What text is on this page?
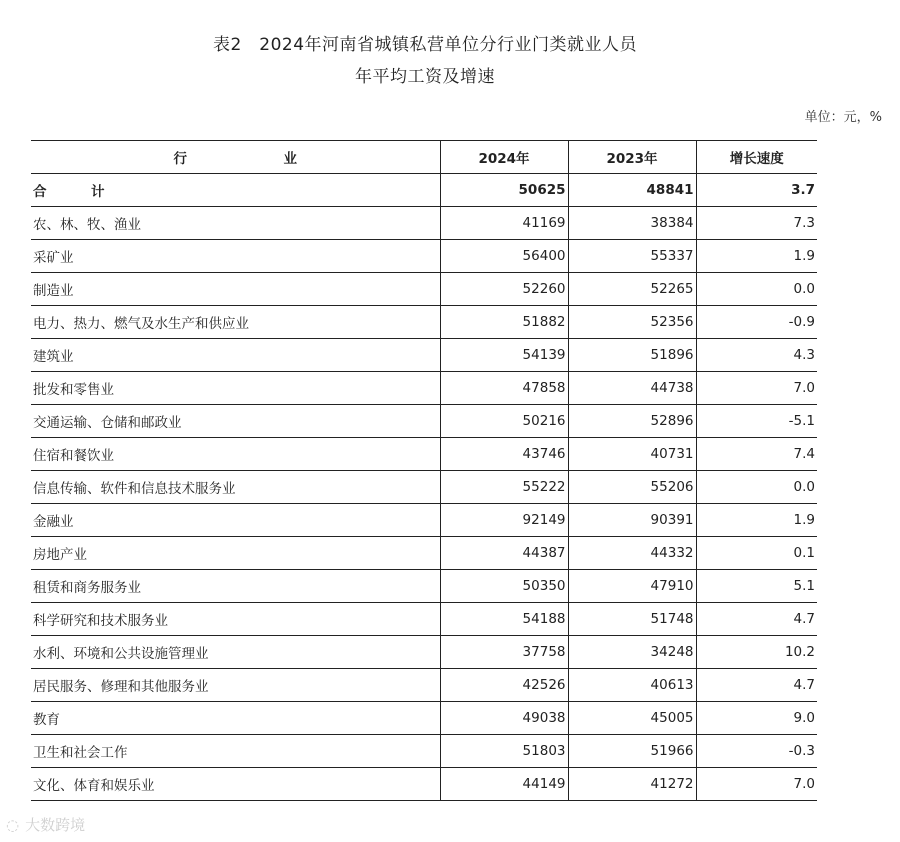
表2　2024年河南省城镇私营单位分行业门类就业人员
年平均工资及增速
单位：元，%
行 业	2024年	2023年	增长速度
合 计	50625	48841	3.7
农、林、牧、渔业	41169	38384	7.3
采矿业	56400	55337	1.9
制造业	52260	52265	0.0
电力、热力、燃气及水生产和供应业	51882	52356	-0.9
建筑业	54139	51896	4.3
批发和零售业	47858	44738	7.0
交通运输、仓储和邮政业	50216	52896	-5.1
住宿和餐饮业	43746	40731	7.4
信息传输、软件和信息技术服务业	55222	55206	0.0
金融业	92149	90391	1.9
房地产业	44387	44332	0.1
租赁和商务服务业	50350	47910	5.1
科学研究和技术服务业	54188	51748	4.7
水利、环境和公共设施管理业	37758	34248	10.2
居民服务、修理和其他服务业	42526	40613	4.7
教育	49038	45005	9.0
卫生和社会工作	51803	51966	-0.3
文化、体育和娱乐业	44149	41272	7.0
◌ 大数跨境
